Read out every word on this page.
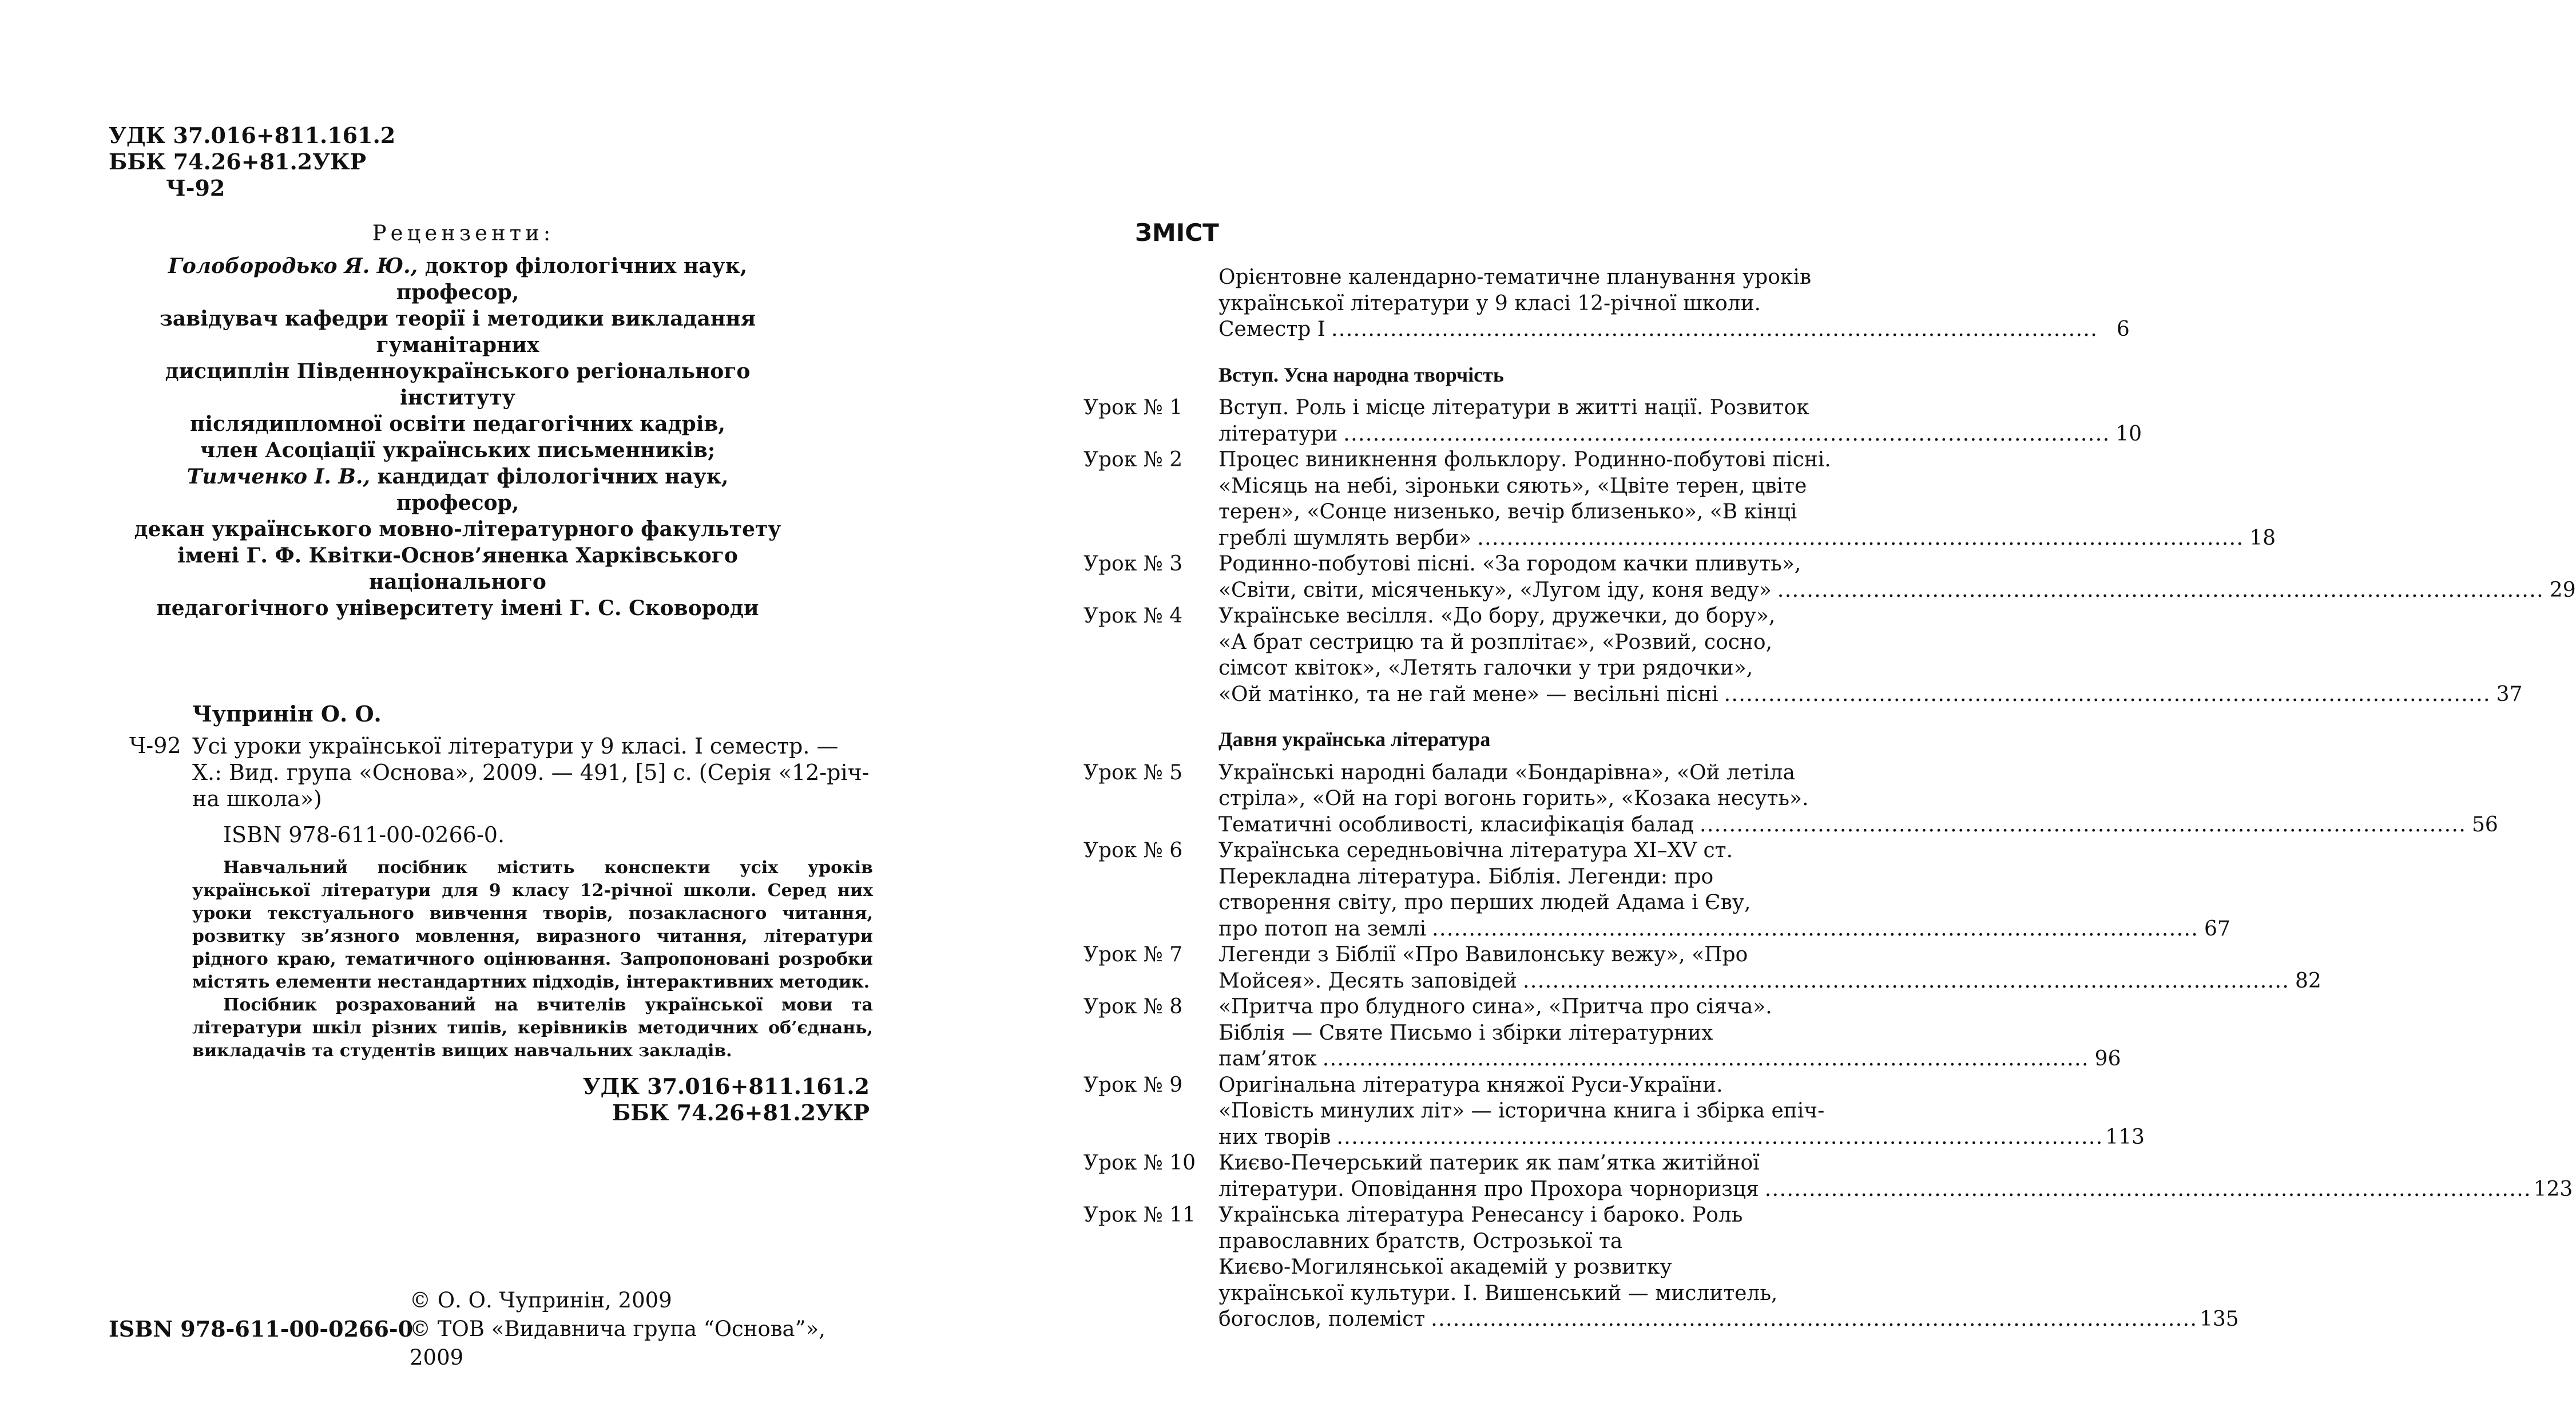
УДК 37.016+811.161.2
ББК 74.26+81.2УКР
Ч-92
Рецензенти:
Голобородько Я. Ю., доктор філологічних наук, професор,
завідувач кафедри теорії і методики викладання гуманітарних
дисциплін Південноукраїнського регіонального інституту
післядипломної освіти педагогічних кадрів,
член Асоціації українських письменників;
Тимченко І. В., кандидат філологічних наук, професор,
декан українського мовно-літературного факультету
імені Г. Ф. Квітки-Основ’яненка Харківського національного
педагогічного університету імені Г. С. Сковороди
Чупринін О. О.
Ч-92 Усі уроки української літератури у 9 класі. I семестр. —
Х.: Вид. група «Основа», 2009. — 491, [5] с. (Серія «12-річ-
на школа»)
ISBN 978-611-00-0266-0.

Навчальний посібник містить конспекти усіх уроків української літератури для 9 класу 12-річної школи. Серед них уроки текстуального вивчення творів, позакласного читання, розвитку зв’язного мовлення, виразного читання, літератури рідного краю, тематичного оцінювання. Запропоновані розробки містять елементи нестандартних підходів, інтерактивних методик.

Посібник розрахований на вчителів української мови та літератури шкіл різних типів, керівників методичних об’єднань, викладачів та студентів вищих навчальних закладів.

УДК 37.016+811.161.2
ББК 74.26+81.2УКР
© О. О. Чупринін, 2009
ISBN 978-611-00-0266-0
© ТОВ «Видавнича група “Основа”», 2009
ЗМІСТ
Орієнтовне календарно-тематичне планування уроків
української літератури у 9 класі 12-річної школи.
Семестр І . . .	6
Вступ. Усна народна творчість
Урок № 1	Вступ. Роль і місце літератури в житті нації. Розвиток
літератури . . .	10
Урок № 2	Процес виникнення фольклору. Родинно-побутові пісні.
«Місяць на небі, зіроньки сяють», «Цвіте терен, цвіте
терен», «Сонце низенько, вечір близенько», «В кінці
греблі шумлять верби» . . .	18
Урок № 3	Родинно-побутові пісні. «За городом качки пливуть»,
«Світи, світи, місяченьку», «Лугом іду, коня веду» . . .	29
Урок № 4	Українське весілля. «До бору, дружечки, до бору»,
«А брат сестрицю та й розплітає», «Розвий, сосно,
сімсот квіток», «Летять галочки у три рядочки»,
«Ой матінко, та не гай мене» — весільні пісні . . .	37
Давня українська література
Урок № 5	Українські народні балади «Бондарівна», «Ой летіла
стріла», «Ой на горі вогонь горить», «Козака несуть».
Тематичні особливості, класифікація балад . . .	56
Урок № 6	Українська середньовічна література XI–XV ст.
Перекладна література. Біблія. Легенди: про
створення світу, про перших людей Адама і Єву,
про потоп на землі . . .	67
Урок № 7	Легенди з Біблії «Про Вавилонську вежу», «Про
Мойсея». Десять заповідей . . .	82
Урок № 8	«Притча про блудного сина», «Притча про сіяча».
Біблія — Святе Письмо і збірки літературних
пам’яток . . .	96
Урок № 9	Оригінальна література княжої Руси-України.
«Повість минулих літ» — історична книга і збірка епіч-
них творів . . .	113
Урок № 10	Києво-Печерський патерик як пам’ятка житійної
літератури. Оповідання про Прохора чорноризця . . .	123
Урок № 11	Українська література Ренесансу і бароко. Роль
православних братств, Острозької та
Києво-Могилянської академій у розвитку
української культури. І. Вишенський — мислитель,
богослов, полеміст . . .	135
